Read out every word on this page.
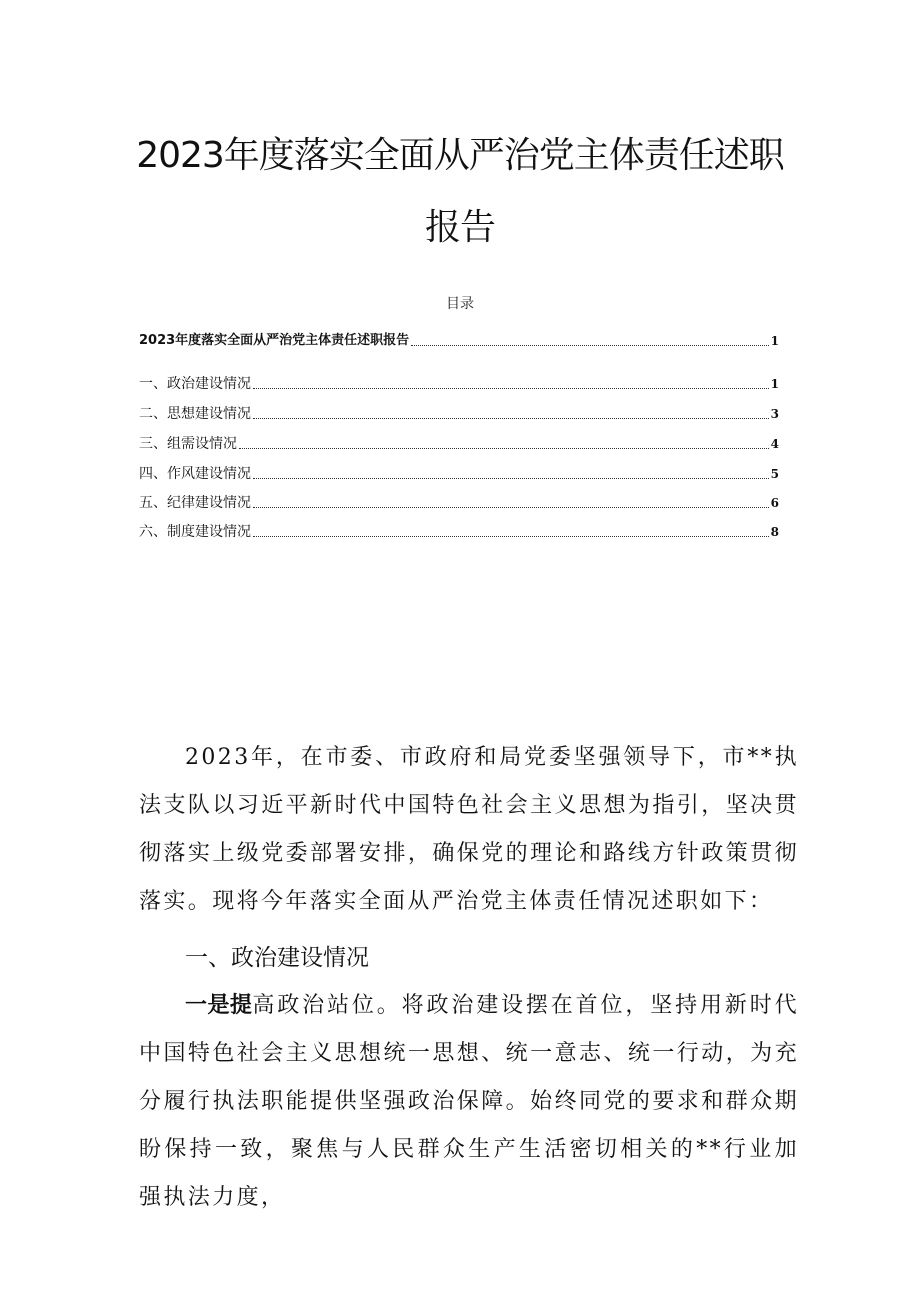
2023年度落实全面从严治党主体责任述职
报告
目录
2023年度落实全面从严治党主体责任述职报告	1
一、政治建设情况	1
二、思想建设情况	3
三、组需设情况	4
四、作风建设情况	5
五、纪律建设情况	6
六、制度建设情况	8
2023年，在市委、市政府和局党委坚强领导下，市**执法支队以习近平新时代中国特色社会主义思想为指引，坚决贯彻落实上级党委部署安排，确保党的理论和路线方针政策贯彻落实。现将今年落实全面从严治党主体责任情况述职如下：
一、政治建设情况
一是提高政治站位。将政治建设摆在首位，坚持用新时代中国特色社会主义思想统一思想、统一意志、统一行动，为充分履行执法职能提供坚强政治保障。始终同党的要求和群众期盼保持一致，聚焦与人民群众生产生活密切相关的**行业加强执法力度，
